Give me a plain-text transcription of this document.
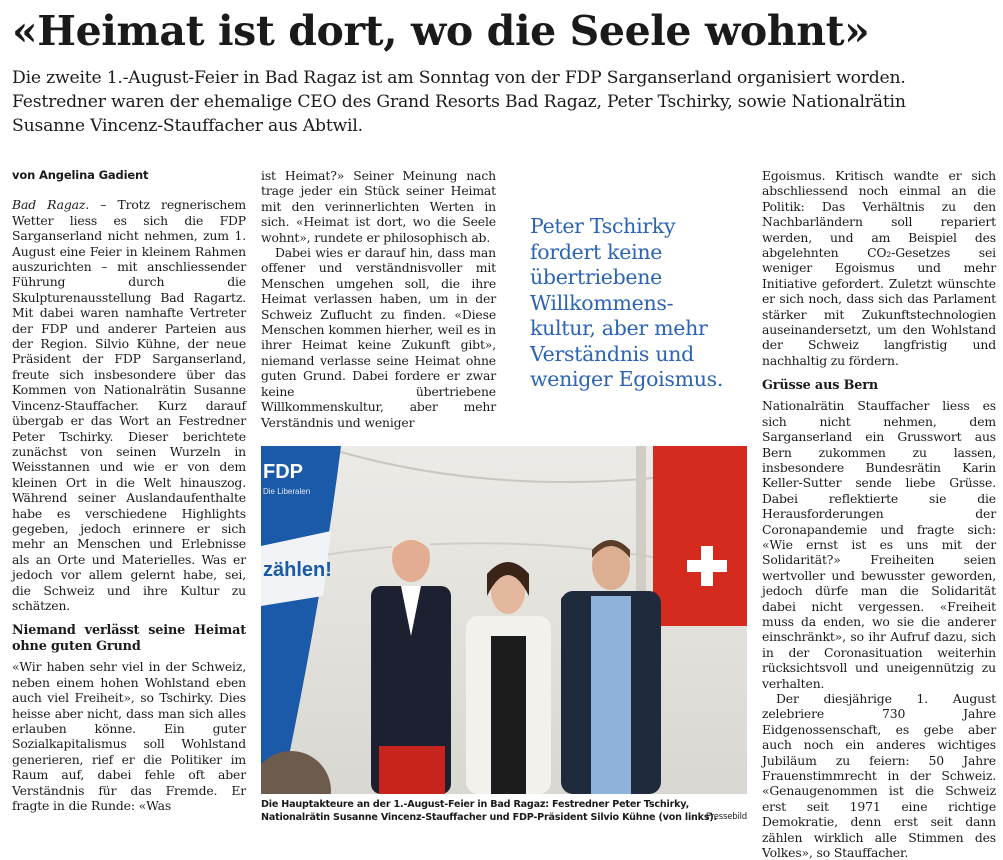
«Heimat ist dort, wo die Seele wohnt»
Die zweite 1.-August-Feier in Bad Ragaz ist am Sonntag von der FDP Sarganserland organisiert worden.
Festredner waren der ehemalige CEO des Grand Resorts Bad Ragaz, Peter Tschirky, sowie Nationalrätin
Susanne Vincenz-Stauffacher aus Abtwil.

von Angelina Gadient

Bad Ragaz. – Trotz regnerischem Wetter liess es sich die FDP Sarganserland nicht nehmen, zum 1. August eine Feier in kleinem Rahmen auszurichten – mit anschliessender Führung durch die Skulpturenausstellung Bad Ragartz. Mit dabei waren namhafte Vertreter der FDP und anderer Parteien aus der Region. Silvio Kühne, der neue Präsident der FDP Sarganserland, freute sich insbesondere über das Kommen von Nationalrätin Susanne Vincenz-Stauffacher. Kurz darauf übergab er das Wort an Festredner Peter Tschirky. Dieser berichtete zunächst von seinen Wurzeln in Weisstannen und wie er von dem kleinen Ort in die Welt hinauszog. Während seiner Auslandaufenthalte habe es verschiedene Highlights gegeben, jedoch erinnere er sich mehr an Menschen und Erlebnisse als an Orte und Materielles. Was er jedoch vor allem gelernt habe, sei, die Schweiz und ihre Kultur zu schätzen.

Niemand verlässt seine Heimat ohne guten Grund

«Wir haben sehr viel in der Schweiz, neben einem hohen Wohlstand eben auch viel Freiheit», so Tschirky. Dies heisse aber nicht, dass man sich alles erlauben könne. Ein guter Sozialkapitalismus soll Wohlstand generieren, rief er die Politiker im Raum auf, dabei fehle oft aber Verständnis für das Fremde. Er fragte in die Runde: «Was

ist Heimat?» Seiner Meinung nach trage jeder ein Stück seiner Heimat mit den verinnerlichten Werten in sich. «Heimat ist dort, wo die Seele wohnt», rundete er philosophisch ab.

Dabei wies er darauf hin, dass man offener und verständnisvoller mit Menschen umgehen soll, die ihre Heimat verlassen haben, um in der Schweiz Zuflucht zu finden. «Diese Menschen kommen hierher, weil es in ihrer Heimat keine Zukunft gibt», niemand verlasse seine Heimat ohne guten Grund. Dabei fordere er zwar keine übertriebene Willkommenskultur, aber mehr Verständnis und weniger

Peter Tschirky
fordert keine
übertriebene
Willkommens-
kultur, aber mehr
Verständnis und
weniger Egoismus.

Egoismus. Kritisch wandte er sich abschliessend noch einmal an die Politik: Das Verhältnis zu den Nachbarländern soll repariert werden, und am Beispiel des abgelehnten CO₂-Gesetzes sei weniger Egoismus und mehr Initiative gefordert. Zuletzt wünschte er sich noch, dass sich das Parlament stärker mit Zukunftstechnologien auseinandersetzt, um den Wohlstand der Schweiz langfristig und nachhaltig zu fördern.

Grüsse aus Bern

Nationalrätin Stauffacher liess es sich nicht nehmen, dem Sarganserland ein Grusswort aus Bern zukommen zu lassen, insbesondere Bundesrätin Karin Keller-Sutter sende liebe Grüsse. Dabei reflektierte sie die Herausforderungen der Coronapandemie und fragte sich: «Wie ernst ist es uns mit der Solidarität?» Freiheiten seien wertvoller und bewusster geworden, jedoch dürfe man die Solidarität dabei nicht vergessen. «Freiheit muss da enden, wo sie die anderer einschränkt», so ihr Aufruf dazu, sich in der Coronasituation weiterhin rücksichtsvoll und uneigennützig zu verhalten.

Der diesjährige 1. August zelebriere 730 Jahre Eidgenossenschaft, es gebe aber auch noch ein anderes wichtiges Jubiläum zu feiern: 50 Jahre Frauenstimmrecht in der Schweiz. «Genaugenommen ist die Schweiz erst seit 1971 eine richtige Demokratie, denn erst seit dann zählen wirklich alle Stimmen des Volkes», so Stauffacher.

FDP
Die Liberalen
zählen!
Die Hauptakteure an der 1.-August-Feier in Bad Ragaz: Festredner Peter Tschirky, Nationalrätin Susanne Vincenz-Stauffacher und FDP-Präsident Silvio Kühne (von links).
Pressebild
